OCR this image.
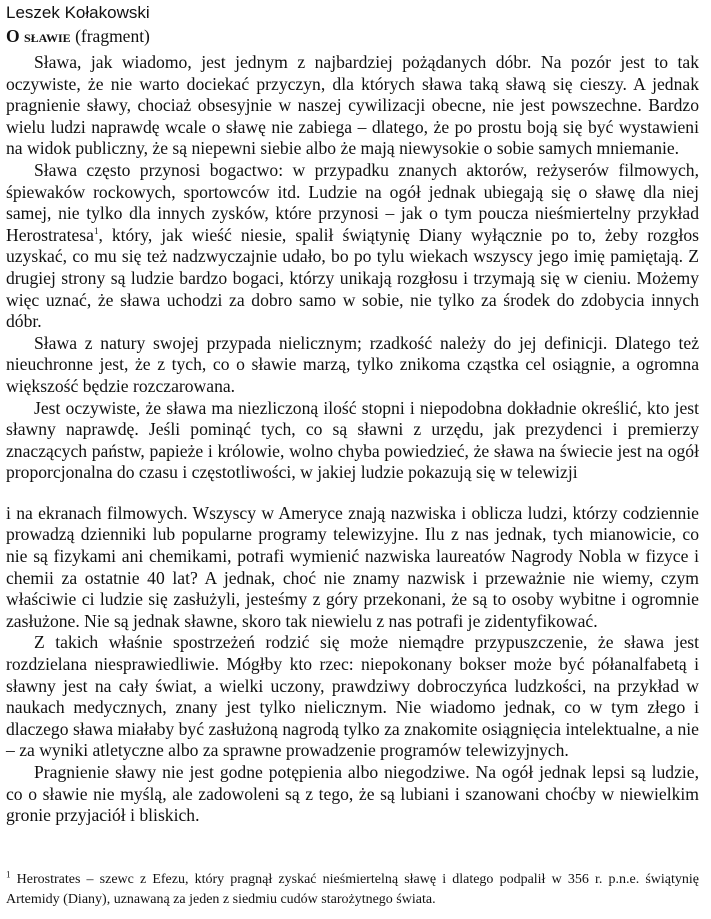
Leszek Kołakowski

O sławie (fragment)

Sława, jak wiadomo, jest jednym z najbardziej pożądanych dóbr. Na pozór jest to tak oczywiste, że nie warto dociekać przyczyn, dla których sława taką sławą się cieszy. A jednak pragnienie sławy, chociaż obsesyjnie w naszej cywilizacji obecne, nie jest powszechne. Bardzo wielu ludzi naprawdę wcale o sławę nie zabiega – dlatego, że po prostu boją się być wystawieni na widok publiczny, że są niepewni siebie albo że mają niewysokie o sobie samych mniemanie.

Sława często przynosi bogactwo: w przypadku znanych aktorów, reżyserów filmowych, śpiewaków rockowych, sportowców itd. Ludzie na ogół jednak ubiegają się o sławę dla niej samej, nie tylko dla innych zysków, które przynosi – jak o tym poucza nieśmiertelny przykład Herostratesa$^1$, który, jak wieść niesie, spalił świątynię Diany wyłącznie po to, żeby rozgłos uzyskać, co mu się też nadzwyczajnie udało, bo po tylu wiekach wszyscy jego imię pamiętają. Z drugiej strony są ludzie bardzo bogaci, którzy unikają rozgłosu i trzymają się w cieniu. Możemy więc uznać, że sława uchodzi za dobro samo w sobie, nie tylko za środek do zdobycia innych dóbr.

Sława z natury swojej przypada nielicznym; rzadkość należy do jej definicji. Dlatego też nieuchronne jest, że z tych, co o sławie marzą, tylko znikoma cząstka cel osiągnie, a ogromna większość będzie rozczarowana.

Jest oczywiste, że sława ma niezliczoną ilość stopni i niepodobna dokładnie określić, kto jest sławny naprawdę. Jeśli pominąć tych, co są sławni z urzędu, jak prezydenci i premierzy znaczących państw, papieże i królowie, wolno chyba powiedzieć, że sława na świecie jest na ogół proporcjonalna do czasu i częstotliwości, w jakiej ludzie pokazują się w telewizji

i na ekranach filmowych. Wszyscy w Ameryce znają nazwiska i oblicza ludzi, którzy codziennie prowadzą dzienniki lub popularne programy telewizyjne. Ilu z nas jednak, tych mianowicie, co nie są fizykami ani chemikami, potrafi wymienić nazwiska laureatów Nagrody Nobla w fizyce i chemii za ostatnie 40 lat? A jednak, choć nie znamy nazwisk i przeważnie nie wiemy, czym właściwie ci ludzie się zasłużyli, jesteśmy z góry przekonani, że są to osoby wybitne i ogromnie zasłużone. Nie są jednak sławne, skoro tak niewielu z nas potrafi je zidentyfikować.

Z takich właśnie spostrzeżeń rodzić się może niemądre przypuszczenie, że sława jest rozdzielana niesprawiedliwie. Mógłby kto rzec: niepokonany bokser może być półanalfabetą i sławny jest na cały świat, a wielki uczony, prawdziwy dobroczyńca ludzkości, na przykład w naukach medycznych, znany jest tylko nielicznym. Nie wiadomo jednak, co w tym złego i dlaczego sława miałaby być zasłużoną nagrodą tylko za znakomite osiągnięcia intelektualne, a nie – za wyniki atletyczne albo za sprawne prowadzenie programów telewizyjnych.

Pragnienie sławy nie jest godne potępienia albo niegodziwe. Na ogół jednak lepsi są ludzie, co o sławie nie myślą, ale zadowoleni są z tego, że są lubiani i szanowani choćby w niewielkim gronie przyjaciół i bliskich.

$^1$ Herostrates – szewc z Efezu, który pragnął zyskać nieśmiertelną sławę i dlatego podpalił w 356 r. p.n.e. świątynię Artemidy (Diany), uznawaną za jeden z siedmiu cudów starożytnego świata.
